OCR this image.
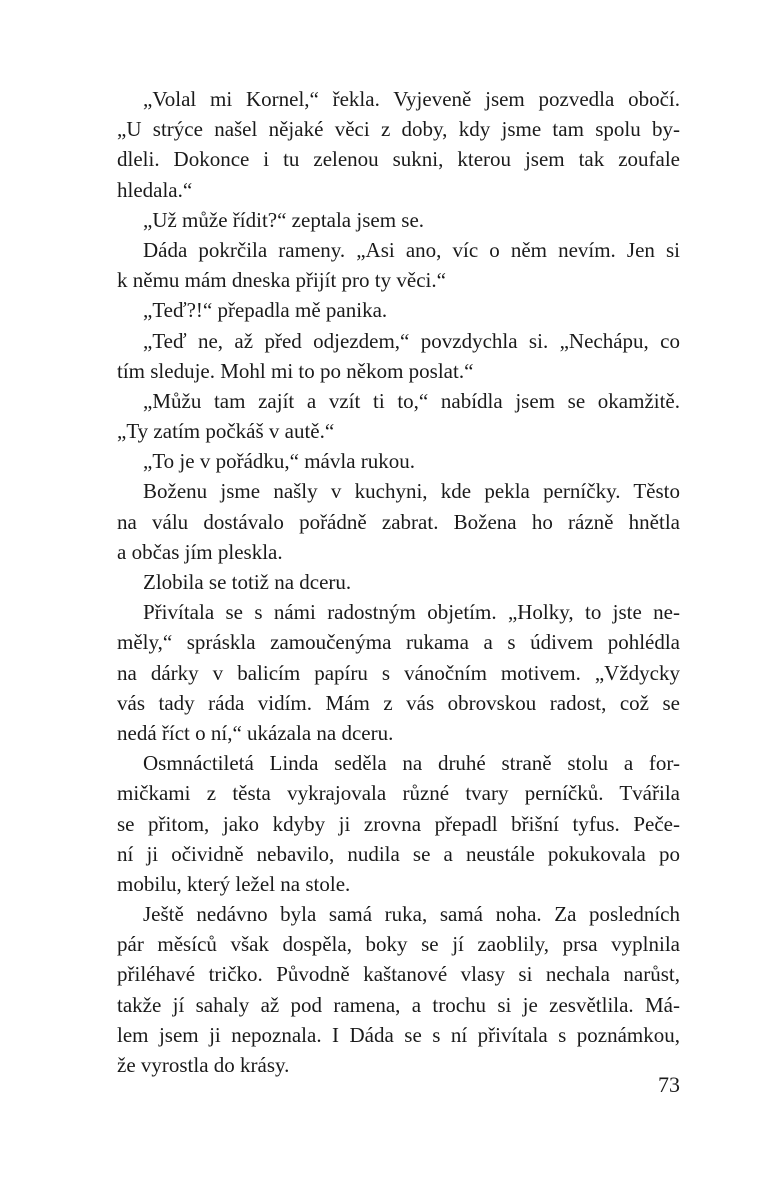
„Volal mi Kornel,“ řekla. Vyjeveně jsem pozvedla obočí.
„U strýce našel nějaké věci z doby, kdy jsme tam spolu by-
dleli. Dokonce i tu zelenou sukni, kterou jsem tak zoufale
hledala.“
„Už může řídit?“ zeptala jsem se.
Dáda pokrčila rameny. „Asi ano, víc o něm nevím. Jen si
k němu mám dneska přijít pro ty věci.“
„Teď?!“ přepadla mě panika.
„Teď ne, až před odjezdem,“ povzdychla si. „Nechápu, co
tím sleduje. Mohl mi to po někom poslat.“
„Můžu tam zajít a vzít ti to,“ nabídla jsem se okamžitě.
„Ty zatím počkáš v autě.“
„To je v pořádku,“ mávla rukou.
Boženu jsme našly v kuchyni, kde pekla perníčky. Těsto
na válu dostávalo pořádně zabrat. Božena ho rázně hnětla
a občas jím pleskla.
Zlobila se totiž na dceru.
Přivítala se s námi radostným objetím. „Holky, to jste ne-
měly,“ spráskla zamoučenýma rukama a s údivem pohlédla
na dárky v balicím papíru s vánočním motivem. „Vždycky
vás tady ráda vidím. Mám z vás obrovskou radost, což se
nedá říct o ní,“ ukázala na dceru.
Osmnáctiletá Linda seděla na druhé straně stolu a for-
mičkami z těsta vykrajovala různé tvary perníčků. Tvářila
se přitom, jako kdyby ji zrovna přepadl břišní tyfus. Peče-
ní ji očividně nebavilo, nudila se a neustále pokukovala po
mobilu, který ležel na stole.
Ještě nedávno byla samá ruka, samá noha. Za posledních
pár měsíců však dospěla, boky se jí zaoblily, prsa vyplnila
přiléhavé tričko. Původně kaštanové vlasy si nechala narůst,
takže jí sahaly až pod ramena, a trochu si je zesvětlila. Má-
lem jsem ji nepoznala. I Dáda se s ní přivítala s poznámkou,
že vyrostla do krásy.
73
